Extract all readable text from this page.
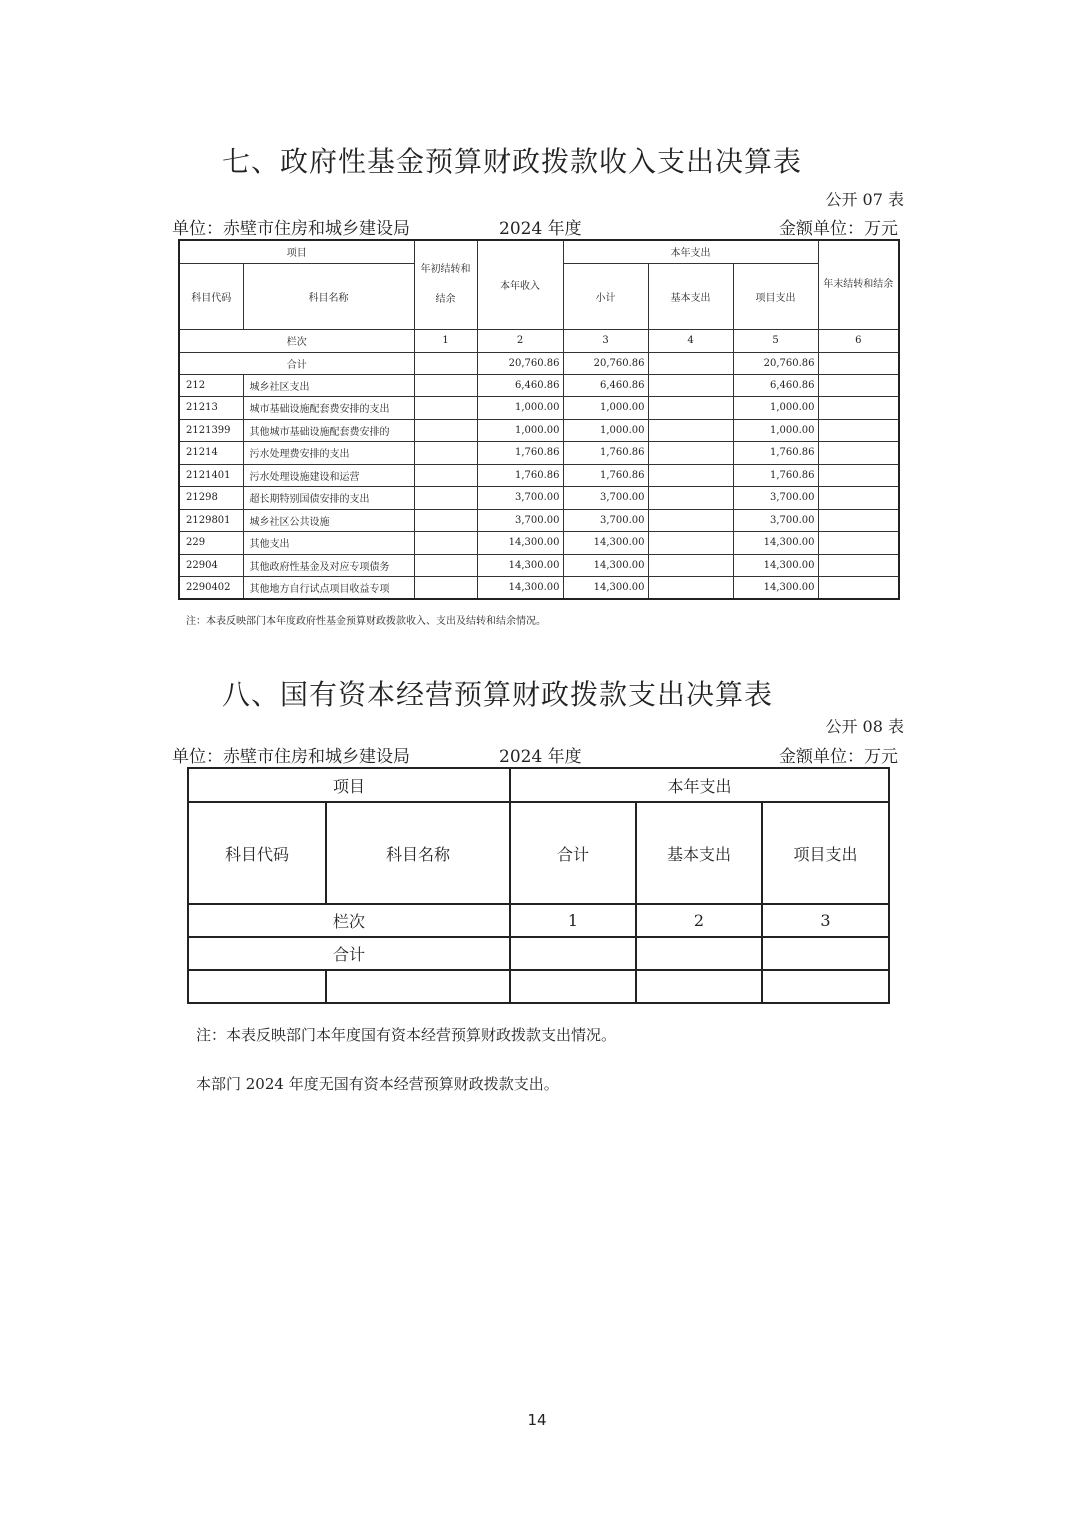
七、政府性基金预算财政拨款收入支出决算表
公开 07 表
单位：赤壁市住房和城乡建设局	2024 年度	金额单位：万元
项目		年初结转和结余	本年收入	本年支出			年末结转和结余
科目代码	科目名称			小计	基本支出	项目支出	
栏次		1	2	3	4	5	6
合计			20,760.86	20,760.86		20,760.86	
212	城乡社区支出		6,460.86	6,460.86		6,460.86	
21213	城市基础设施配套费安排的支出		1,000.00	1,000.00		1,000.00	
2121399	其他城市基础设施配套费安排的		1,000.00	1,000.00		1,000.00	
21214	污水处理费安排的支出		1,760.86	1,760.86		1,760.86	
2121401	污水处理设施建设和运营		1,760.86	1,760.86		1,760.86	
21298	超长期特别国债安排的支出		3,700.00	3,700.00		3,700.00	
2129801	城乡社区公共设施		3,700.00	3,700.00		3,700.00	
229	其他支出		14,300.00	14,300.00		14,300.00	
22904	其他政府性基金及对应专项债务		14,300.00	14,300.00		14,300.00	
2290402	其他地方自行试点项目收益专项		14,300.00	14,300.00		14,300.00	
注：本表反映部门本年度政府性基金预算财政拨款收入、支出及结转和结余情况。
八、国有资本经营预算财政拨款支出决算表
公开 08 表
单位：赤壁市住房和城乡建设局	2024 年度	金额单位：万元
项目		本年支出		
科目代码	科目名称	合计	基本支出	项目支出
栏次		1	2	3
合计				

注：本表反映部门本年度国有资本经营预算财政拨款支出情况。
本部门 2024 年度无国有资本经营预算财政拨款支出。
14
